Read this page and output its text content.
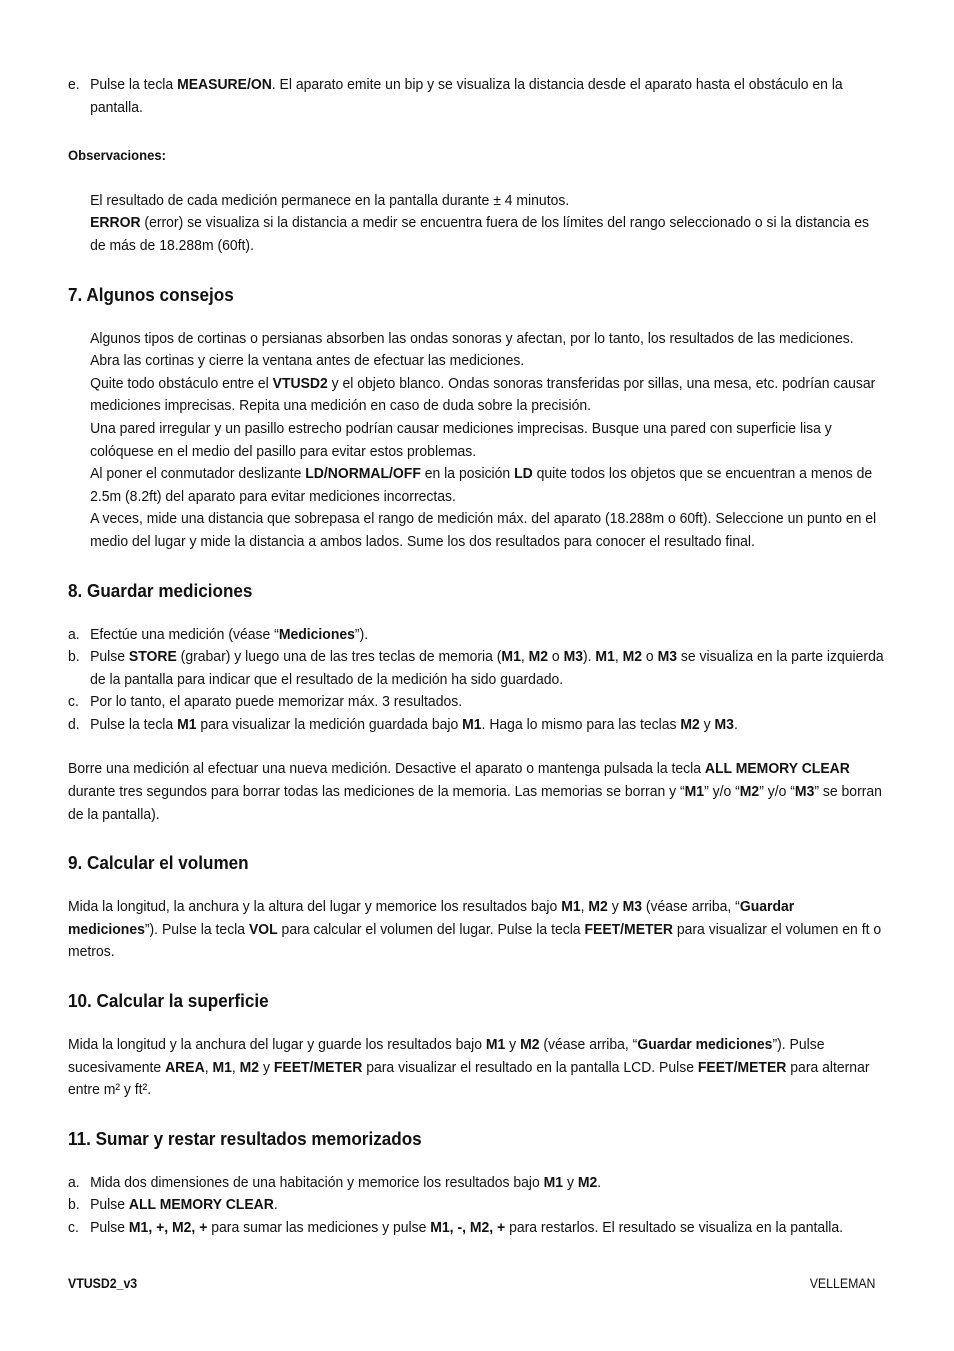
e. Pulse la tecla MEASURE/ON. El aparato emite un bip y se visualiza la distancia desde el aparato hasta el obstáculo en la pantalla.

Observaciones:

El resultado de cada medición permanece en la pantalla durante ± 4 minutos.

ERROR (error) se visualiza si la distancia a medir se encuentra fuera de los límites del rango seleccionado o si la distancia es de más de 18.288m (60ft).

7. Algunos consejos

Algunos tipos de cortinas o persianas absorben las ondas sonoras y afectan, por lo tanto, los resultados de las mediciones. Abra las cortinas y cierre la ventana antes de efectuar las mediciones.

Quite todo obstáculo entre el VTUSD2 y el objeto blanco. Ondas sonoras transferidas por sillas, una mesa, etc. podrían causar mediciones imprecisas. Repita una medición en caso de duda sobre la precisión.

Una pared irregular y un pasillo estrecho podrían causar mediciones imprecisas. Busque una pared con superficie lisa y colóquese en el medio del pasillo para evitar estos problemas.

Al poner el conmutador deslizante LD/NORMAL/OFF en la posición LD quite todos los objetos que se encuentran a menos de 2.5m (8.2ft) del aparato para evitar mediciones incorrectas.

A veces, mide una distancia que sobrepasa el rango de medición máx. del aparato (18.288m o 60ft). Seleccione un punto en el medio del lugar y mide la distancia a ambos lados. Sume los dos resultados para conocer el resultado final.

8. Guardar mediciones

a. Efectúe una medición (véase “Mediciones”).

b. Pulse STORE (grabar) y luego una de las tres teclas de memoria (M1, M2 o M3). M1, M2 o M3 se visualiza en la parte izquierda de la pantalla para indicar que el resultado de la medición ha sido guardado.

c. Por lo tanto, el aparato puede memorizar máx. 3 resultados.

d. Pulse la tecla M1 para visualizar la medición guardada bajo M1. Haga lo mismo para las teclas M2 y M3.

Borre una medición al efectuar una nueva medición. Desactive el aparato o mantenga pulsada la tecla ALL MEMORY CLEAR durante tres segundos para borrar todas las mediciones de la memoria. Las memorias se borran y “M1” y/o “M2” y/o “M3” se borran de la pantalla).

9. Calcular el volumen

Mida la longitud, la anchura y la altura del lugar y memorice los resultados bajo M1, M2 y M3 (véase arriba, “Guardar mediciones”). Pulse la tecla VOL para calcular el volumen del lugar. Pulse la tecla FEET/METER para visualizar el volumen en ft o metros.

10. Calcular la superficie

Mida la longitud y la anchura del lugar y guarde los resultados bajo M1 y M2 (véase arriba, “Guardar mediciones”). Pulse sucesivamente AREA, M1, M2 y FEET/METER para visualizar el resultado en la pantalla LCD. Pulse FEET/METER para alternar entre m² y ft².

11. Sumar y restar resultados memorizados

a. Mida dos dimensiones de una habitación y memorice los resultados bajo M1 y M2.

b. Pulse ALL MEMORY CLEAR.

c. Pulse M1, +, M2, + para sumar las mediciones y pulse M1, -, M2, + para restarlos. El resultado se visualiza en la pantalla.

VTUSD2_v3	VELLEMAN
